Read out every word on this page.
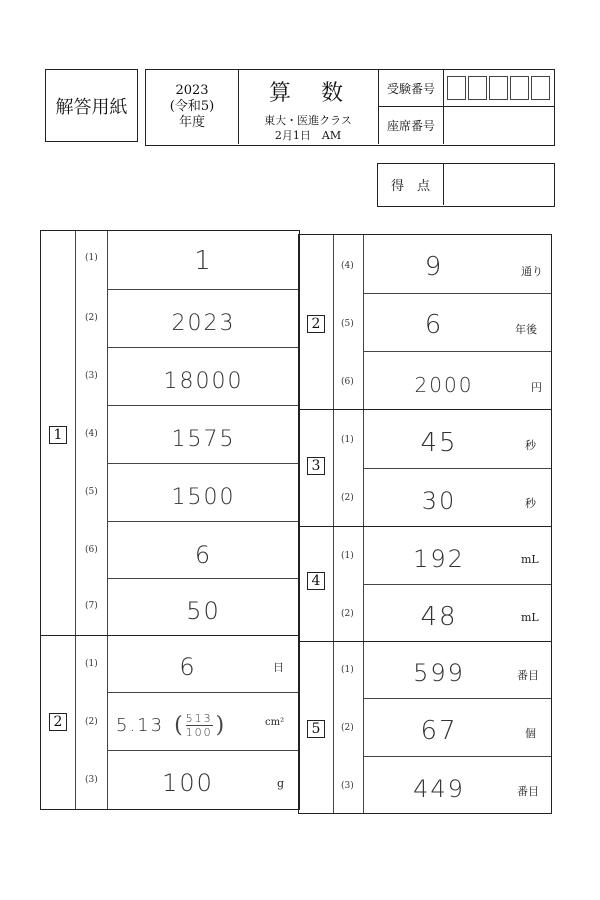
解答用紙
2023
(令和5)
年度
算　数
東大・医進クラス
2月1日　AM
受験番号
座席番号
得　点
1
(1)	1
(2)	2023
(3)	18000
(4)	1575
(5)	1500
(6)	6
(7)	50
2
(1)	6	日
(2) 5.13 ( $\frac{513}{100}$ )	cm²
(3)	100	g
2
(4)	9	通り
(5)	6	年後
(6)	2000	円
3
(1)	45	秒
(2)	30	秒
4
(1)	192	mL
(2)	48	mL
5
(1)	599	番目
(2)	67	個
(3)	449	番目
